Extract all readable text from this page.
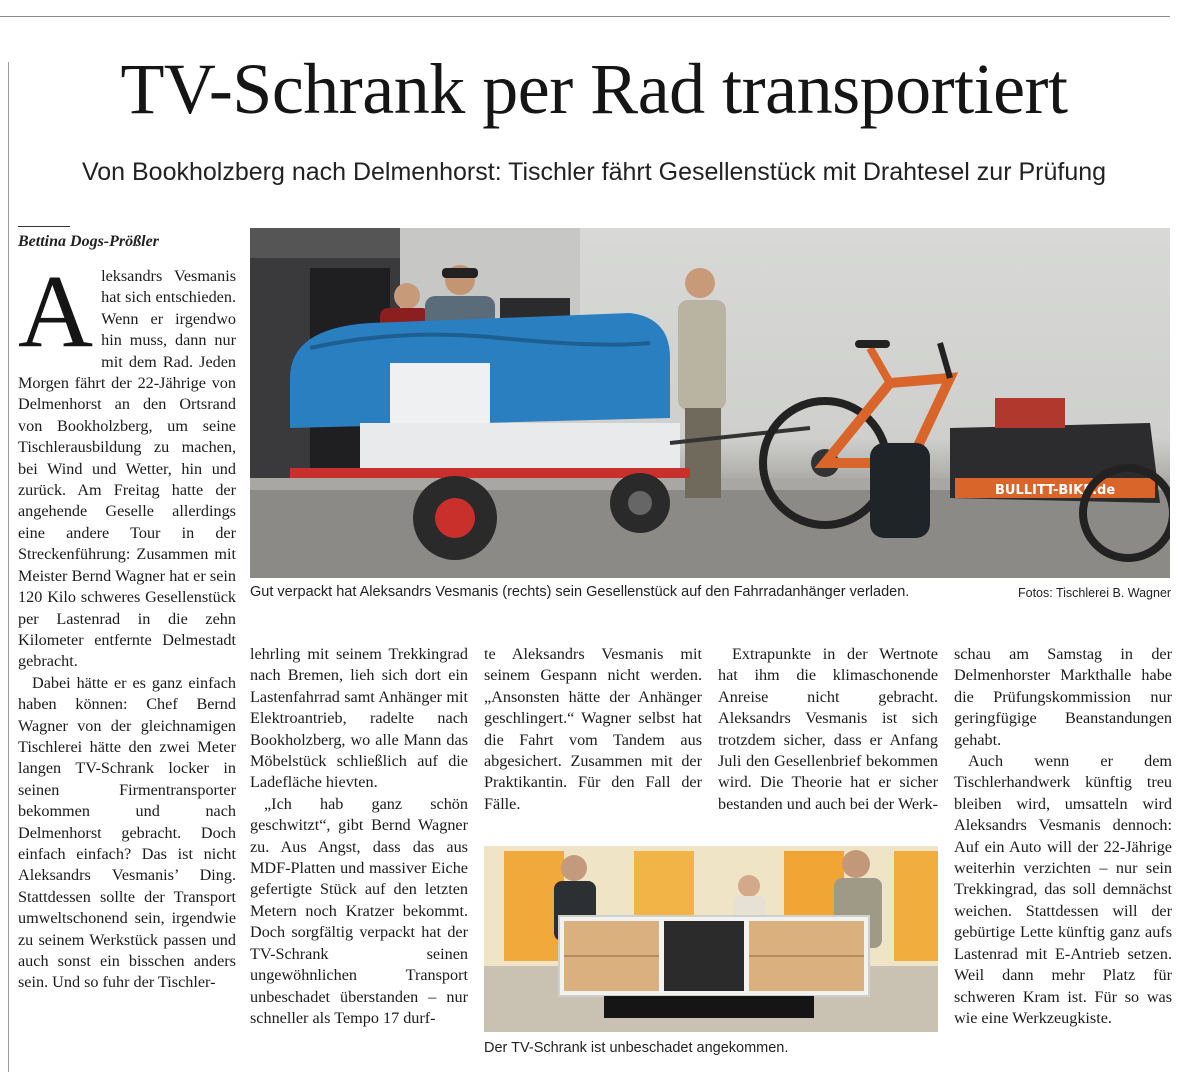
TV-Schrank per Rad transportiert
Von Bookholzberg nach Delmenhorst: Tischler fährt Gesellenstück mit Drahtesel zur Prüfung
Bettina Dogs-Prößler

Aleksandrs Vesmanis hat sich entschieden. Wenn er irgendwo hin muss, dann nur mit dem Rad. Jeden Morgen fährt der 22-Jährige von Delmenhorst an den Ortsrand von Bookholzberg, um seine Tischlerausbildung zu machen, bei Wind und Wetter, hin und zurück. Am Freitag hatte der angehende Geselle allerdings eine andere Tour in der Streckenführung: Zusammen mit Meister Bernd Wagner hat er sein 120 Kilo schweres Gesellenstück per Lastenrad in die zehn Kilometer entfernte Delmestadt gebracht.

Dabei hätte er es ganz einfach haben können: Chef Bernd Wagner von der gleichnamigen Tischlerei hätte den zwei Meter langen TV-Schrank locker in seinen Firmentransporter bekommen und nach Delmenhorst gebracht. Doch einfach einfach? Das ist nicht Aleksandrs Vesmanis’ Ding. Stattdessen sollte der Transport umweltschonend sein, irgendwie zu seinem Werkstück passen und auch sonst ein bisschen anders sein. Und so fuhr der Tischler-

BULLITT-BIKE.de
Gut verpackt hat Aleksandrs Vesmanis (rechts) sein Gesellenstück auf den Fahrradanhänger verladen.	Fotos: Tischlerei B. Wagner

lehrling mit seinem Trekkingrad nach Bremen, lieh sich dort ein Lastenfahrrad samt Anhänger mit Elektroantrieb, radelte nach Bookholzberg, wo alle Mann das Möbelstück schließlich auf die Ladefläche hievten.

„Ich hab ganz schön geschwitzt“, gibt Bernd Wagner zu. Aus Angst, dass das aus MDF-Platten und massiver Eiche gefertigte Stück auf den letzten Metern noch Kratzer bekommt. Doch sorgfältig verpackt hat der TV-Schrank seinen ungewöhnlichen Transport unbeschadet überstanden – nur schneller als Tempo 17 durf-

te Aleksandrs Vesmanis mit seinem Gespann nicht werden. „Ansonsten hätte der Anhänger geschlingert.“ Wagner selbst hat die Fahrt vom Tandem aus abgesichert. Zusammen mit der Praktikantin. Für den Fall der Fälle.

Extrapunkte in der Wertnote hat ihm die klimaschonende Anreise nicht gebracht. Aleksandrs Vesmanis ist sich trotzdem sicher, dass er Anfang Juli den Gesellenbrief bekommen wird. Die Theorie hat er sicher bestanden und auch bei der Werk-

schau am Samstag in der Delmenhorster Markthalle habe die Prüfungskommission nur geringfügige Beanstandungen gehabt.

Auch wenn er dem Tischlerhandwerk künftig treu bleiben wird, umsatteln wird Aleksandrs Vesmanis dennoch: Auf ein Auto will der 22-Jährige weiterhin verzichten – nur sein Trekkingrad, das soll demnächst weichen. Stattdessen will der gebürtige Lette künftig ganz aufs Lastenrad mit E-Antrieb setzen. Weil dann mehr Platz für schweren Kram ist. Für so was wie eine Werkzeugkiste.

Der TV-Schrank ist unbeschadet angekommen.
